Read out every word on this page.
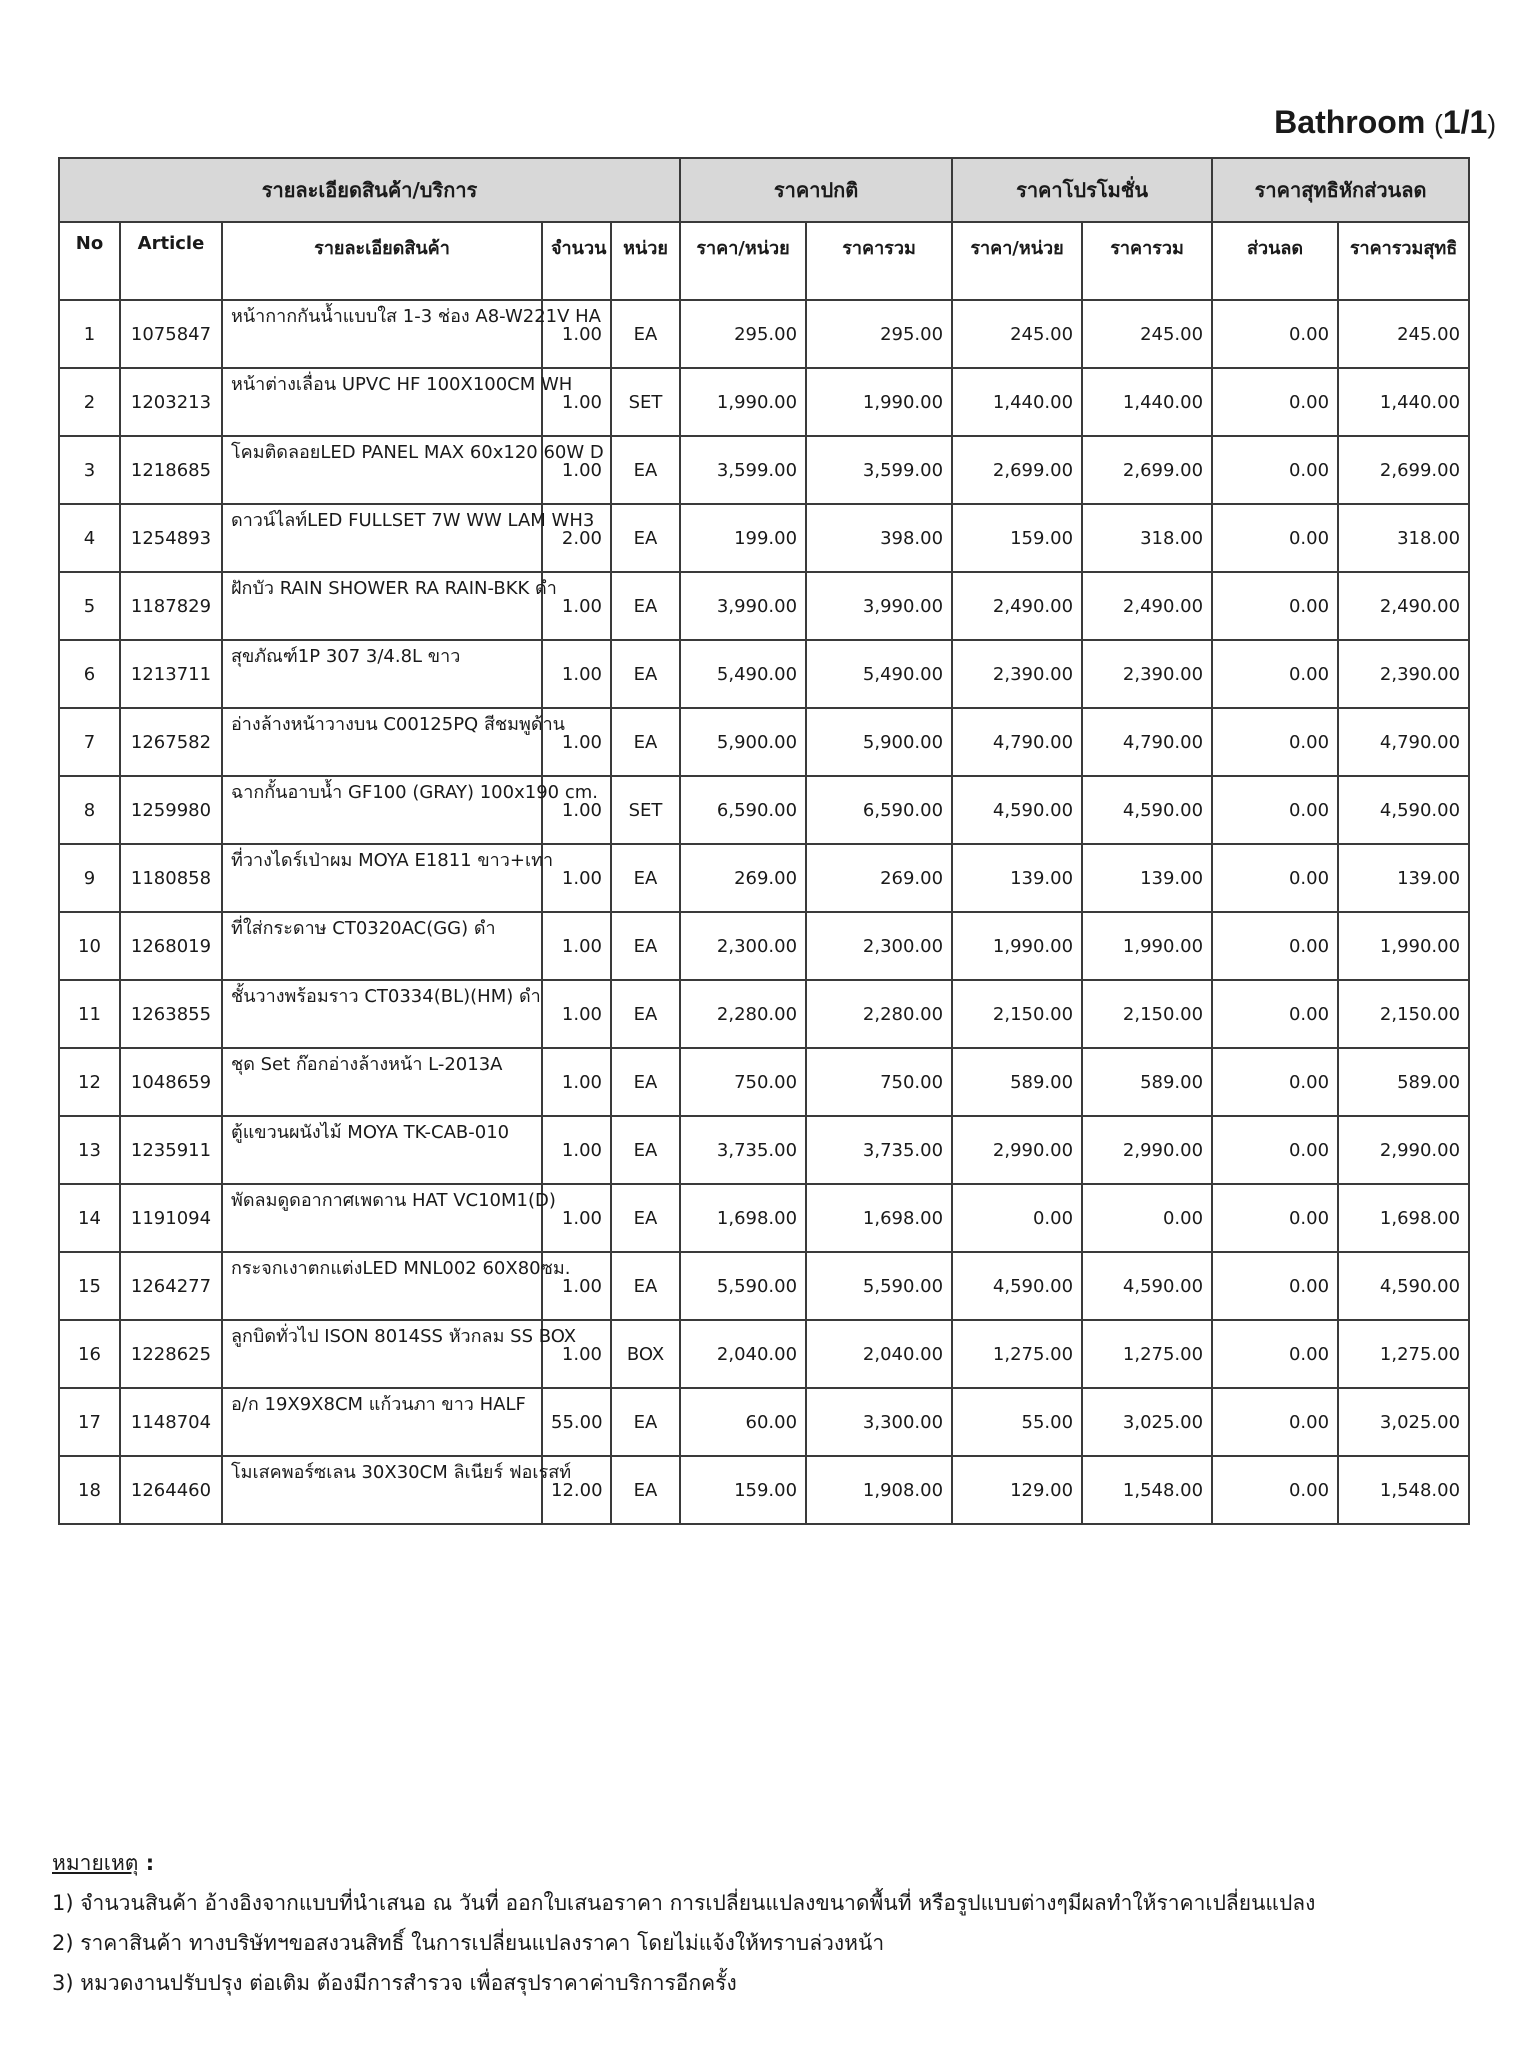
Bathroom (1/1)
รายละเอียดสินค้า/บริการ					ราคาปกติ		ราคาโปรโมชั่น		ราคาสุทธิหักส่วนลด	
No	Article	รายละเอียดสินค้า	จำนวน	หน่วย	ราคา/หน่วย	ราคารวม	ราคา/หน่วย	ราคารวม	ส่วนลด	ราคารวมสุทธิ
1	1075847	หน้ากากกันน้ำแบบใส 1-3 ช่อง A8-W221V HA	1.00	EA	295.00	295.00	245.00	245.00	0.00	245.00
2	1203213	หน้าต่างเลื่อน UPVC HF 100X100CM WH	1.00	SET	1,990.00	1,990.00	1,440.00	1,440.00	0.00	1,440.00
3	1218685	โคมติดลอยLED PANEL MAX 60x120 60W D	1.00	EA	3,599.00	3,599.00	2,699.00	2,699.00	0.00	2,699.00
4	1254893	ดาวน์ไลท์LED FULLSET 7W WW LAM WH3	2.00	EA	199.00	398.00	159.00	318.00	0.00	318.00
5	1187829	ฝักบัว RAIN SHOWER RA RAIN-BKK ดำ	1.00	EA	3,990.00	3,990.00	2,490.00	2,490.00	0.00	2,490.00
6	1213711	สุขภัณฑ์1P 307 3/4.8L ขาว	1.00	EA	5,490.00	5,490.00	2,390.00	2,390.00	0.00	2,390.00
7	1267582	อ่างล้างหน้าวางบน C00125PQ สีชมพูด้าน	1.00	EA	5,900.00	5,900.00	4,790.00	4,790.00	0.00	4,790.00
8	1259980	ฉากกั้นอาบน้ำ GF100 (GRAY) 100x190 cm.	1.00	SET	6,590.00	6,590.00	4,590.00	4,590.00	0.00	4,590.00
9	1180858	ที่วางไดร์เป่าผม MOYA E1811 ขาว+เทา	1.00	EA	269.00	269.00	139.00	139.00	0.00	139.00
10	1268019	ที่ใส่กระดาษ CT0320AC(GG) ดำ	1.00	EA	2,300.00	2,300.00	1,990.00	1,990.00	0.00	1,990.00
11	1263855	ชั้นวางพร้อมราว CT0334(BL)(HM) ดำ	1.00	EA	2,280.00	2,280.00	2,150.00	2,150.00	0.00	2,150.00
12	1048659	ชุด Set ก๊อกอ่างล้างหน้า L-2013A	1.00	EA	750.00	750.00	589.00	589.00	0.00	589.00
13	1235911	ตู้แขวนผนังไม้ MOYA TK-CAB-010	1.00	EA	3,735.00	3,735.00	2,990.00	2,990.00	0.00	2,990.00
14	1191094	พัดลมดูดอากาศเพดาน HAT VC10M1(D)	1.00	EA	1,698.00	1,698.00	0.00	0.00	0.00	1,698.00
15	1264277	กระจกเงาตกแต่งLED MNL002 60X80ซม.	1.00	EA	5,590.00	5,590.00	4,590.00	4,590.00	0.00	4,590.00
16	1228625	ลูกบิดทั่วไป ISON 8014SS หัวกลม SS BOX	1.00	BOX	2,040.00	2,040.00	1,275.00	1,275.00	0.00	1,275.00
17	1148704	อ/ก 19X9X8CM แก้วนภา ขาว HALF	55.00	EA	60.00	3,300.00	55.00	3,025.00	0.00	3,025.00
18	1264460	โมเสคพอร์ซเลน 30X30CM ลิเนียร์ ฟอเรสท์	12.00	EA	159.00	1,908.00	129.00	1,548.00	0.00	1,548.00
หมายเหตุ :
1) จำนวนสินค้า อ้างอิงจากแบบที่นำเสนอ ณ วันที่ ออกใบเสนอราคา การเปลี่ยนแปลงขนาดพื้นที่ หรือรูปแบบต่างๆมีผลทำให้ราคาเปลี่ยนแปลง
2) ราคาสินค้า ทางบริษัทฯขอสงวนสิทธิ์ ในการเปลี่ยนแปลงราคา โดยไม่แจ้งให้ทราบล่วงหน้า
3) หมวดงานปรับปรุง ต่อเติม ต้องมีการสำรวจ เพื่อสรุปราคาค่าบริการอีกครั้ง
